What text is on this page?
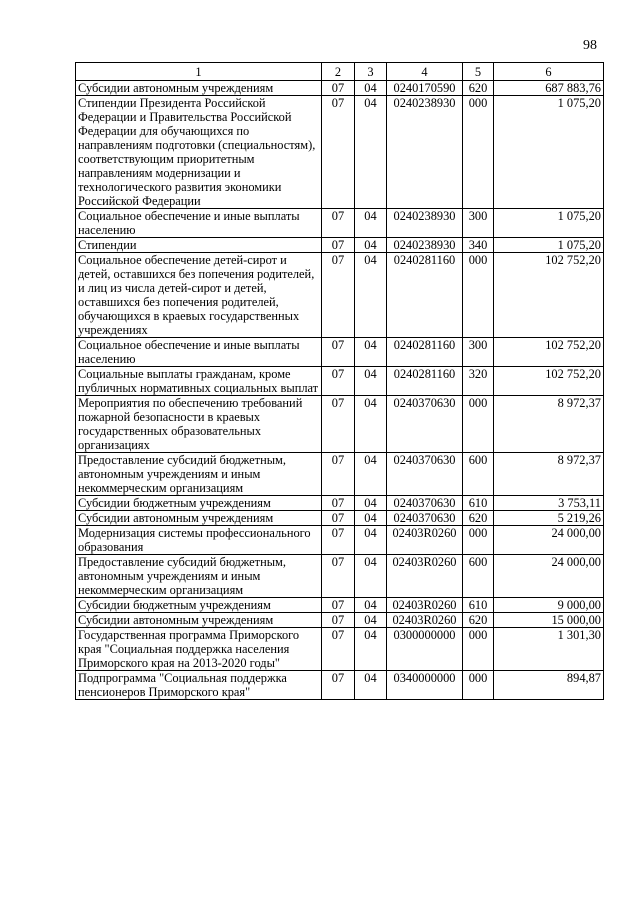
98
1	2	3	4	5	6
Субсидии автономным учреждениям	07	04	0240170590	620	687 883,76
Стипендии Президента Российской Федерации и Правительства Российской Федерации для обучающихся по направлениям подготовки (специальностям), соответствующим приоритетным направлениям модернизации и технологического развития экономики Российской Федерации	07	04	0240238930	000	1 075,20
Социальное обеспечение и иные выплаты населению	07	04	0240238930	300	1 075,20
Стипендии	07	04	0240238930	340	1 075,20
Социальное обеспечение детей-сирот и детей, оставшихся без попечения родителей, и лиц из числа детей-сирот и детей, оставшихся без попечения родителей, обучающихся в краевых государственных учреждениях	07	04	0240281160	000	102 752,20
Социальное обеспечение и иные выплаты населению	07	04	0240281160	300	102 752,20
Социальные выплаты гражданам, кроме публичных нормативных социальных выплат	07	04	0240281160	320	102 752,20
Мероприятия по обеспечению требований пожарной безопасности в краевых государственных образовательных организациях	07	04	0240370630	000	8 972,37
Предоставление субсидий бюджетным, автономным учреждениям и иным некоммерческим организациям	07	04	0240370630	600	8 972,37
Субсидии бюджетным учреждениям	07	04	0240370630	610	3 753,11
Субсидии автономным учреждениям	07	04	0240370630	620	5 219,26
Модернизация системы профессионального образования	07	04	02403R0260	000	24 000,00
Предоставление субсидий бюджетным, автономным учреждениям и иным некоммерческим организациям	07	04	02403R0260	600	24 000,00
Субсидии бюджетным учреждениям	07	04	02403R0260	610	9 000,00
Субсидии автономным учреждениям	07	04	02403R0260	620	15 000,00
Государственная программа Приморского края "Социальная поддержка населения Приморского края на 2013-2020 годы"	07	04	0300000000	000	1 301,30
Подпрограмма "Социальная поддержка пенсионеров Приморского края"	07	04	0340000000	000	894,87
